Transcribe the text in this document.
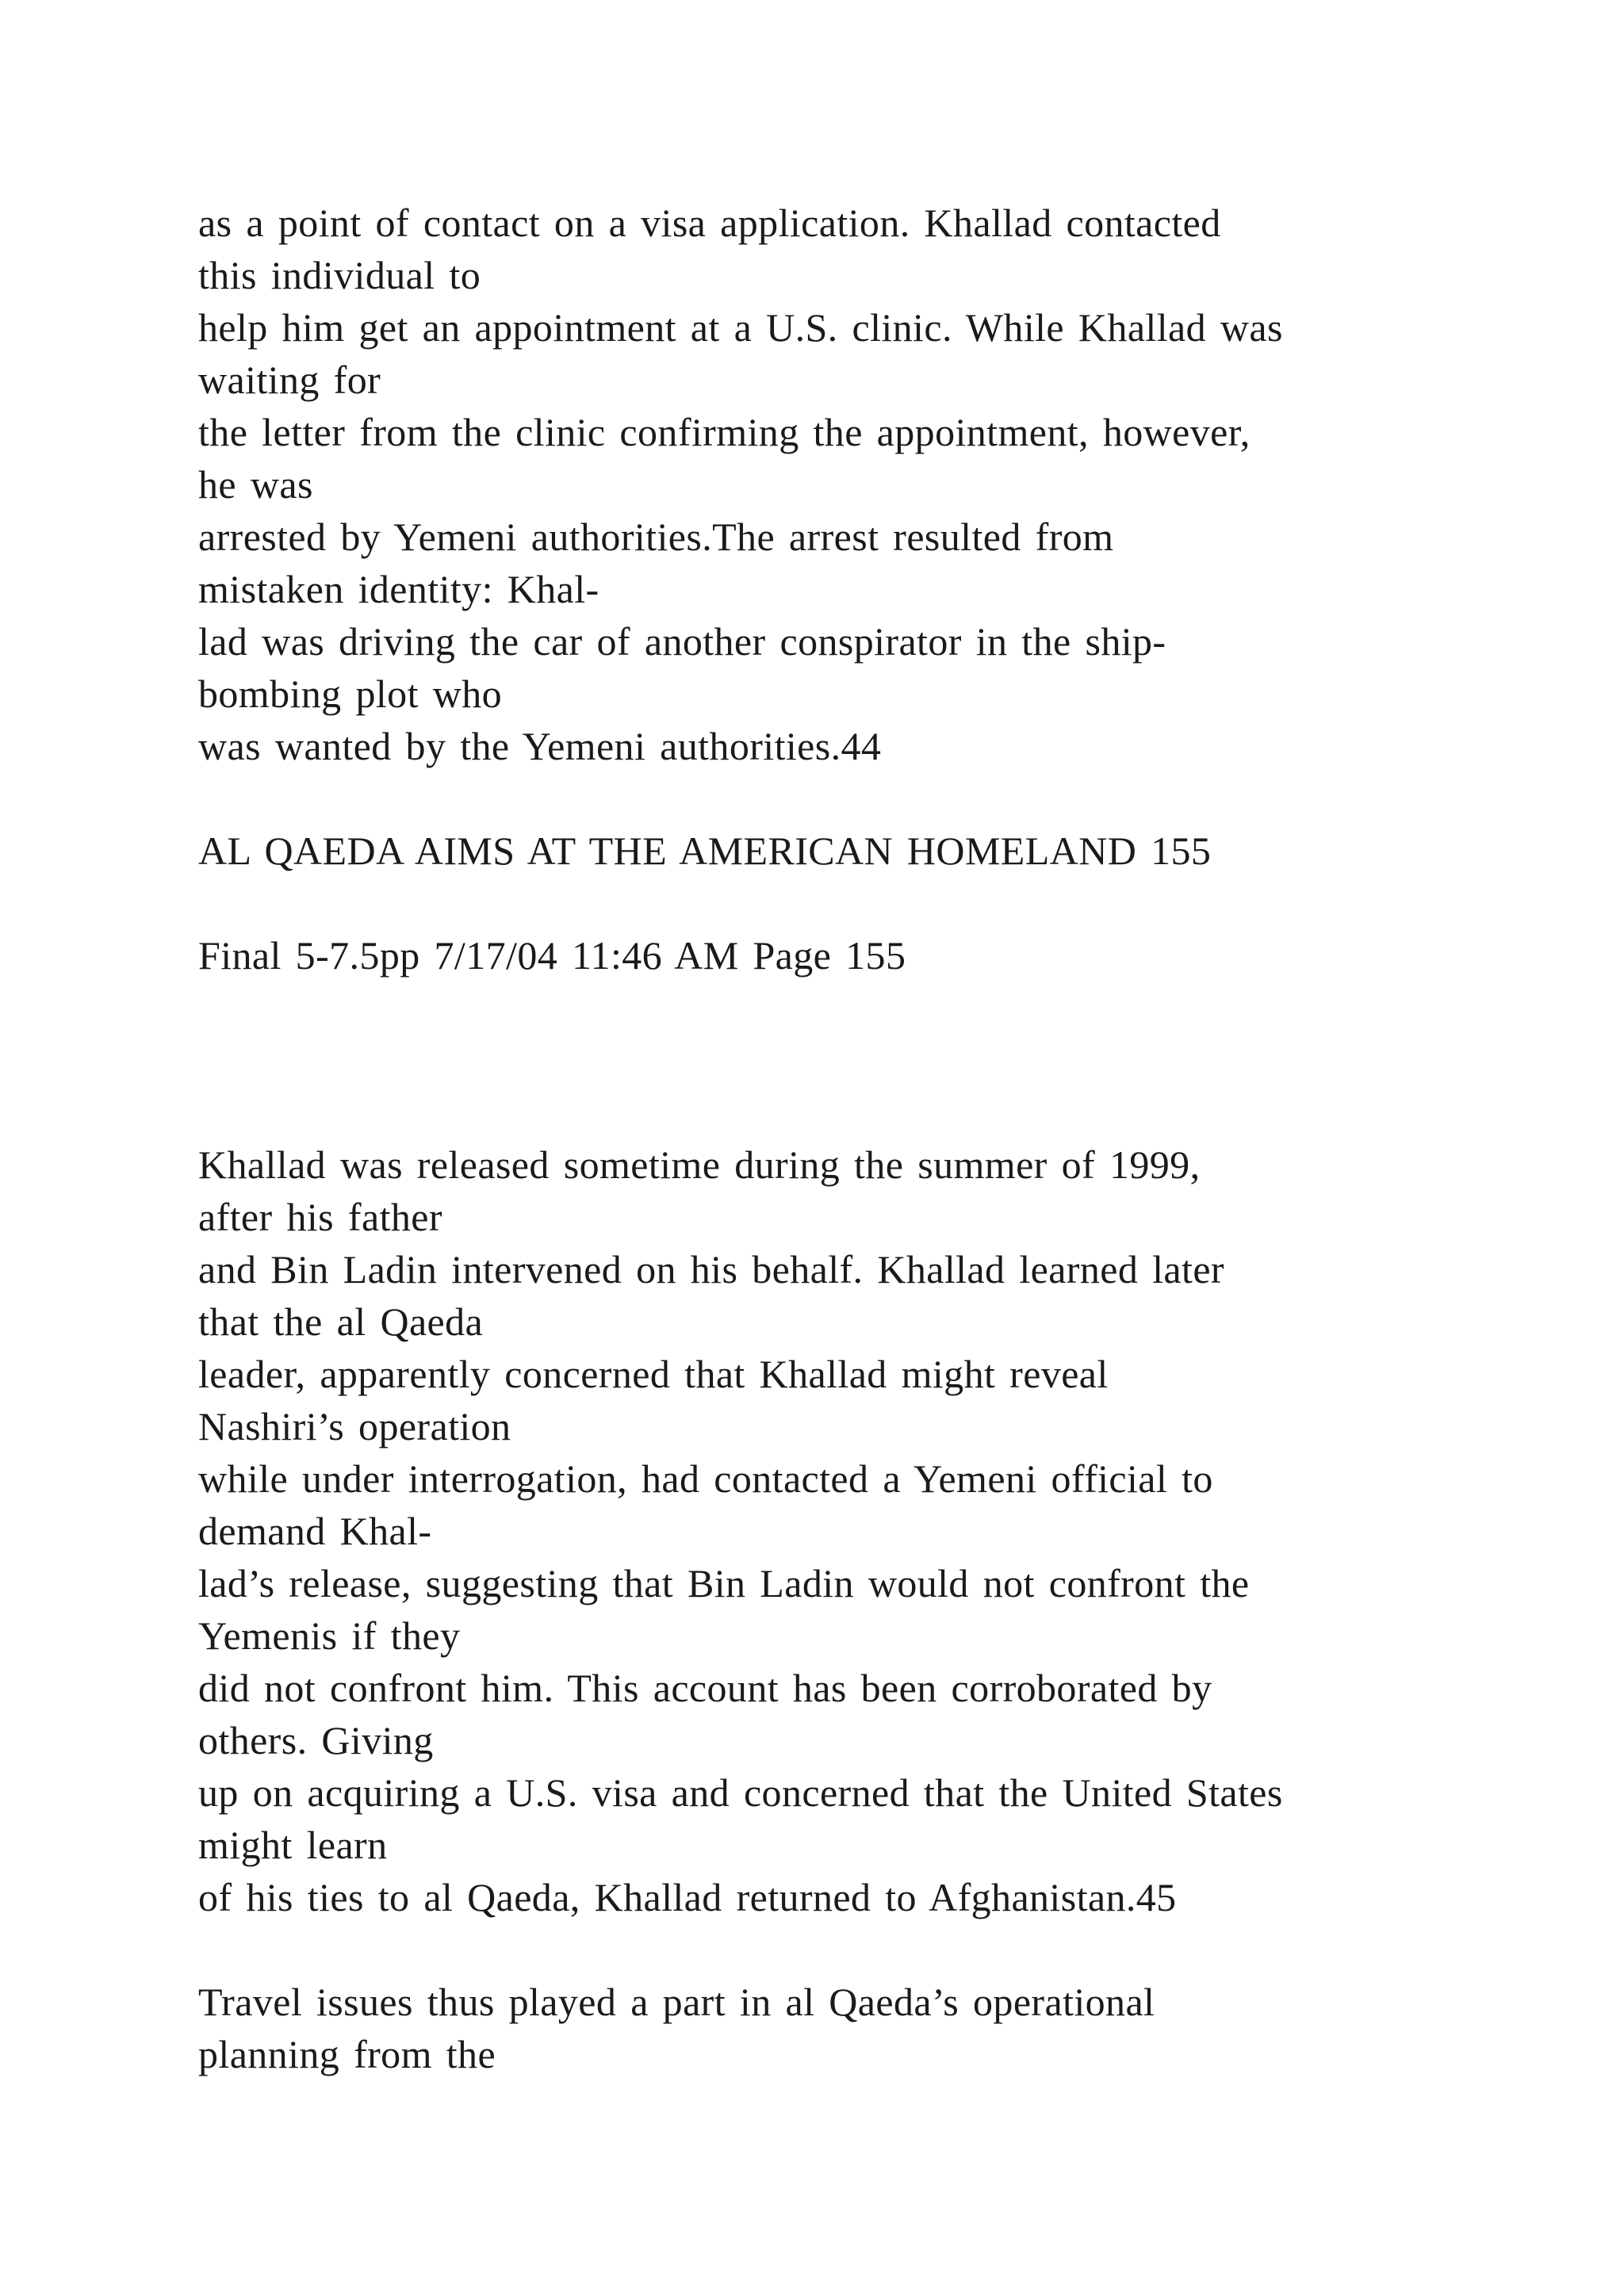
as a point of contact on a visa application. Khallad contacted
this individual to
help him get an appointment at a U.S. clinic. While Khallad was
waiting for
the letter from the clinic confirming the appointment, however,
he was
arrested by Yemeni authorities.The arrest resulted from
mistaken identity: Khal-
lad was driving the car of another conspirator in the ship-
bombing plot who
was wanted by the Yemeni authorities.44
AL QAEDA AIMS AT THE AMERICAN HOMELAND 155
Final 5-7.5pp 7/17/04 11:46 AM Page 155
Khallad was released sometime during the summer of 1999,
after his father
and Bin Ladin intervened on his behalf. Khallad learned later
that the al Qaeda
leader, apparently concerned that Khallad might reveal
Nashiri’s operation
while under interrogation, had contacted a Yemeni official to
demand Khal-
lad’s release, suggesting that Bin Ladin would not confront the
Yemenis if they
did not confront him. This account has been corroborated by
others. Giving
up on acquiring a U.S. visa and concerned that the United States
might learn
of his ties to al Qaeda, Khallad returned to Afghanistan.45
Travel issues thus played a part in al Qaeda’s operational
planning from the
